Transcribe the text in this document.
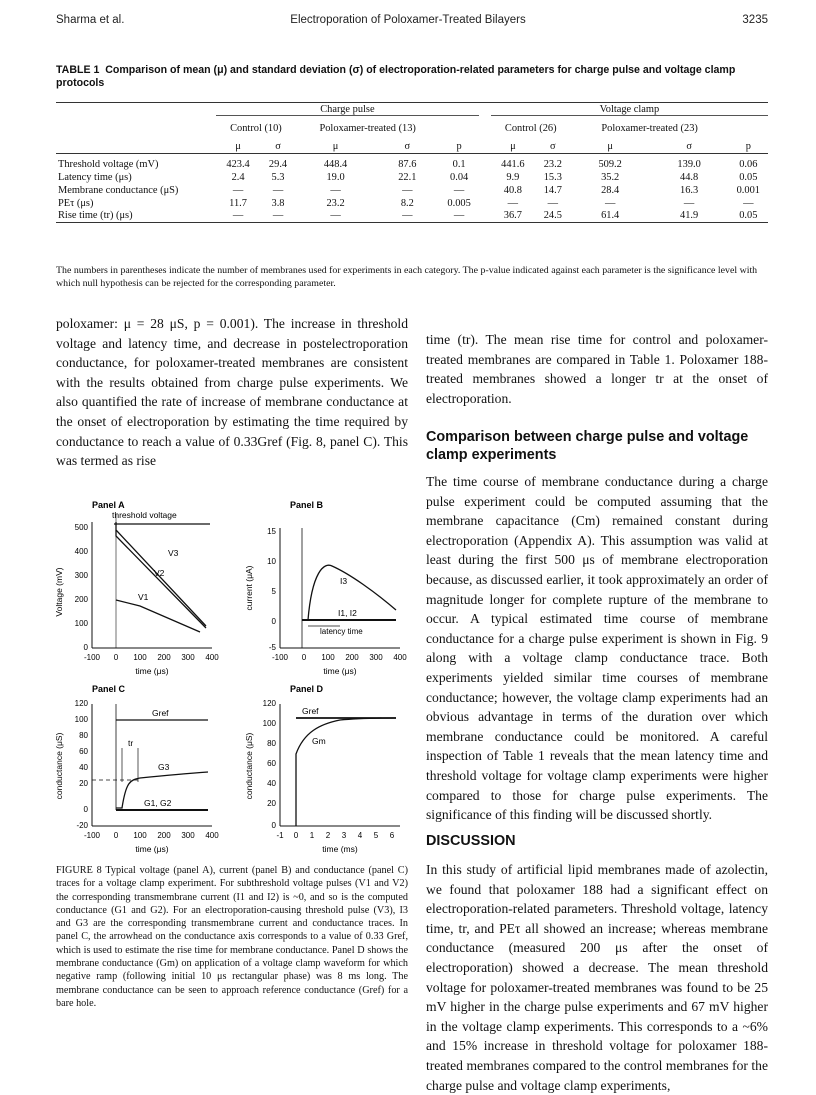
Sharma et al.	Electroporation of Poloxamer-Treated Bilayers	3235
TABLE 1 Comparison of mean (μ) and standard deviation (σ) of electroporation-related parameters for charge pulse and voltage clamp protocols
	Charge pulse						Voltage clamp				

	Control (10)		Poloxamer-treated (13)				Control (26)		Poloxamer-treated (23)		

	μ	σ	μ	σ	p		μ	σ	μ	σ	p

Threshold voltage (mV)	423.4	29.4	448.4	87.6	0.1		441.6	23.2	509.2	139.0	0.06
Latency time (μs)	2.4	5.3	19.0	22.1	0.04		9.9	15.3	35.2	44.8	0.05
Membrane conductance (μS)	—	—	—	—	—		40.8	14.7	28.4	16.3	0.001
PEτ (μs)	11.7	3.8	23.2	8.2	0.005		—	—	—	—	—
Rise time (tr) (μs)	—	—	—	—	—		36.7	24.5	61.4	41.9	0.05
The numbers in parentheses indicate the number of membranes used for experiments in each category. The p-value indicated against each parameter is the significance level with which null hypothesis can be rejected for the corresponding parameter.
poloxamer: μ = 28 μS, p = 0.001). The increase in threshold voltage and latency time, and decrease in postelectroporation conductance, for poloxamer-treated membranes are consistent with the results obtained from charge pulse experiments. We also quantified the rate of increase of membrane conductance at the onset of electroporation by estimating the time required by conductance to reach a value of 0.33Gref (Fig. 8, panel C). This was termed as rise
time (tr). The mean rise time for control and poloxamer-treated membranes are compared in Table 1. Poloxamer 188-treated membranes showed a longer tr at the onset of electroporation.
Comparison between charge pulse and voltage clamp experiments
The time course of membrane conductance during a charge pulse experiment could be computed assuming that the membrane capacitance (Cm) remained constant during electroporation (Appendix A). This assumption was valid at least during the first 500 μs of membrane electroporation because, as discussed earlier, it took approximately an order of magnitude longer for complete rupture of the membrane to occur. A typical estimated time course of membrane conductance for a charge pulse experiment is shown in Fig. 9 along with a voltage clamp conductance trace. Both experiments yielded similar time courses of membrane conductance; however, the voltage clamp experiments had an obvious advantage in terms of the duration over which membrane conductance could be monitored. A careful inspection of Table 1 reveals that the mean latency time and threshold voltage for voltage clamp experiments were higher compared to those for charge pulse experiments. The significance of this finding will be discussed shortly.
DISCUSSION
In this study of artificial lipid membranes made of azolectin, we found that poloxamer 188 had a significant effect on electroporation-related parameters. Threshold voltage, latency time, tr, and PEτ all showed an increase; whereas membrane conductance (measured 200 μs after the onset of electroporation) showed a decrease. The mean threshold voltage for poloxamer-treated membranes was found to be 25 mV higher in the charge pulse experiments and 67 mV higher in the voltage clamp experiments. This corresponds to a ~6% and 15% increase in threshold voltage for poloxamer 188-treated membranes compared to the control membranes for the charge pulse and voltage clamp experiments,
Panel A
threshold voltage
V3
V2
V1
Voltage (mV)
time (μs)
500
400
300
200
100
0
-100 0 100 200 300 400
Panel B
I3
I1, I2
latency time
current (μA)
time (μs)
15
10
5
0
-5
-100 0 100 200 300 400
Panel C
Gref
G3
G1, G2
tr
conductance (μS)
time (μs)
120
100
80
60
40
20
0
-20
-100 0 100 200 300 400
Panel D
Gref
Gm
conductance (μS)
time (ms)
120
100
80
60
40
20
0
-1 0 1 2 3 4 5 6
FIGURE 8 Typical voltage (panel A), current (panel B) and conductance (panel C) traces for a voltage clamp experiment. For subthreshold voltage pulses (V1 and V2) the corresponding transmembrane current (I1 and I2) is ~0, and so is the computed conductance (G1 and G2). For an electroporation-causing threshold pulse (V3), I3 and G3 are the corresponding transmembrane current and conductance traces. In panel C, the arrowhead on the conductance axis corresponds to a value of 0.33 Gref, which is used to estimate the rise time for membrane conductance. Panel D shows the membrane conductance (Gm) on application of a voltage clamp waveform for which negative ramp (following initial 10 μs rectangular phase) was 8 ms long. The membrane conductance can be seen to approach reference conductance (Gref) for a bare hole.
